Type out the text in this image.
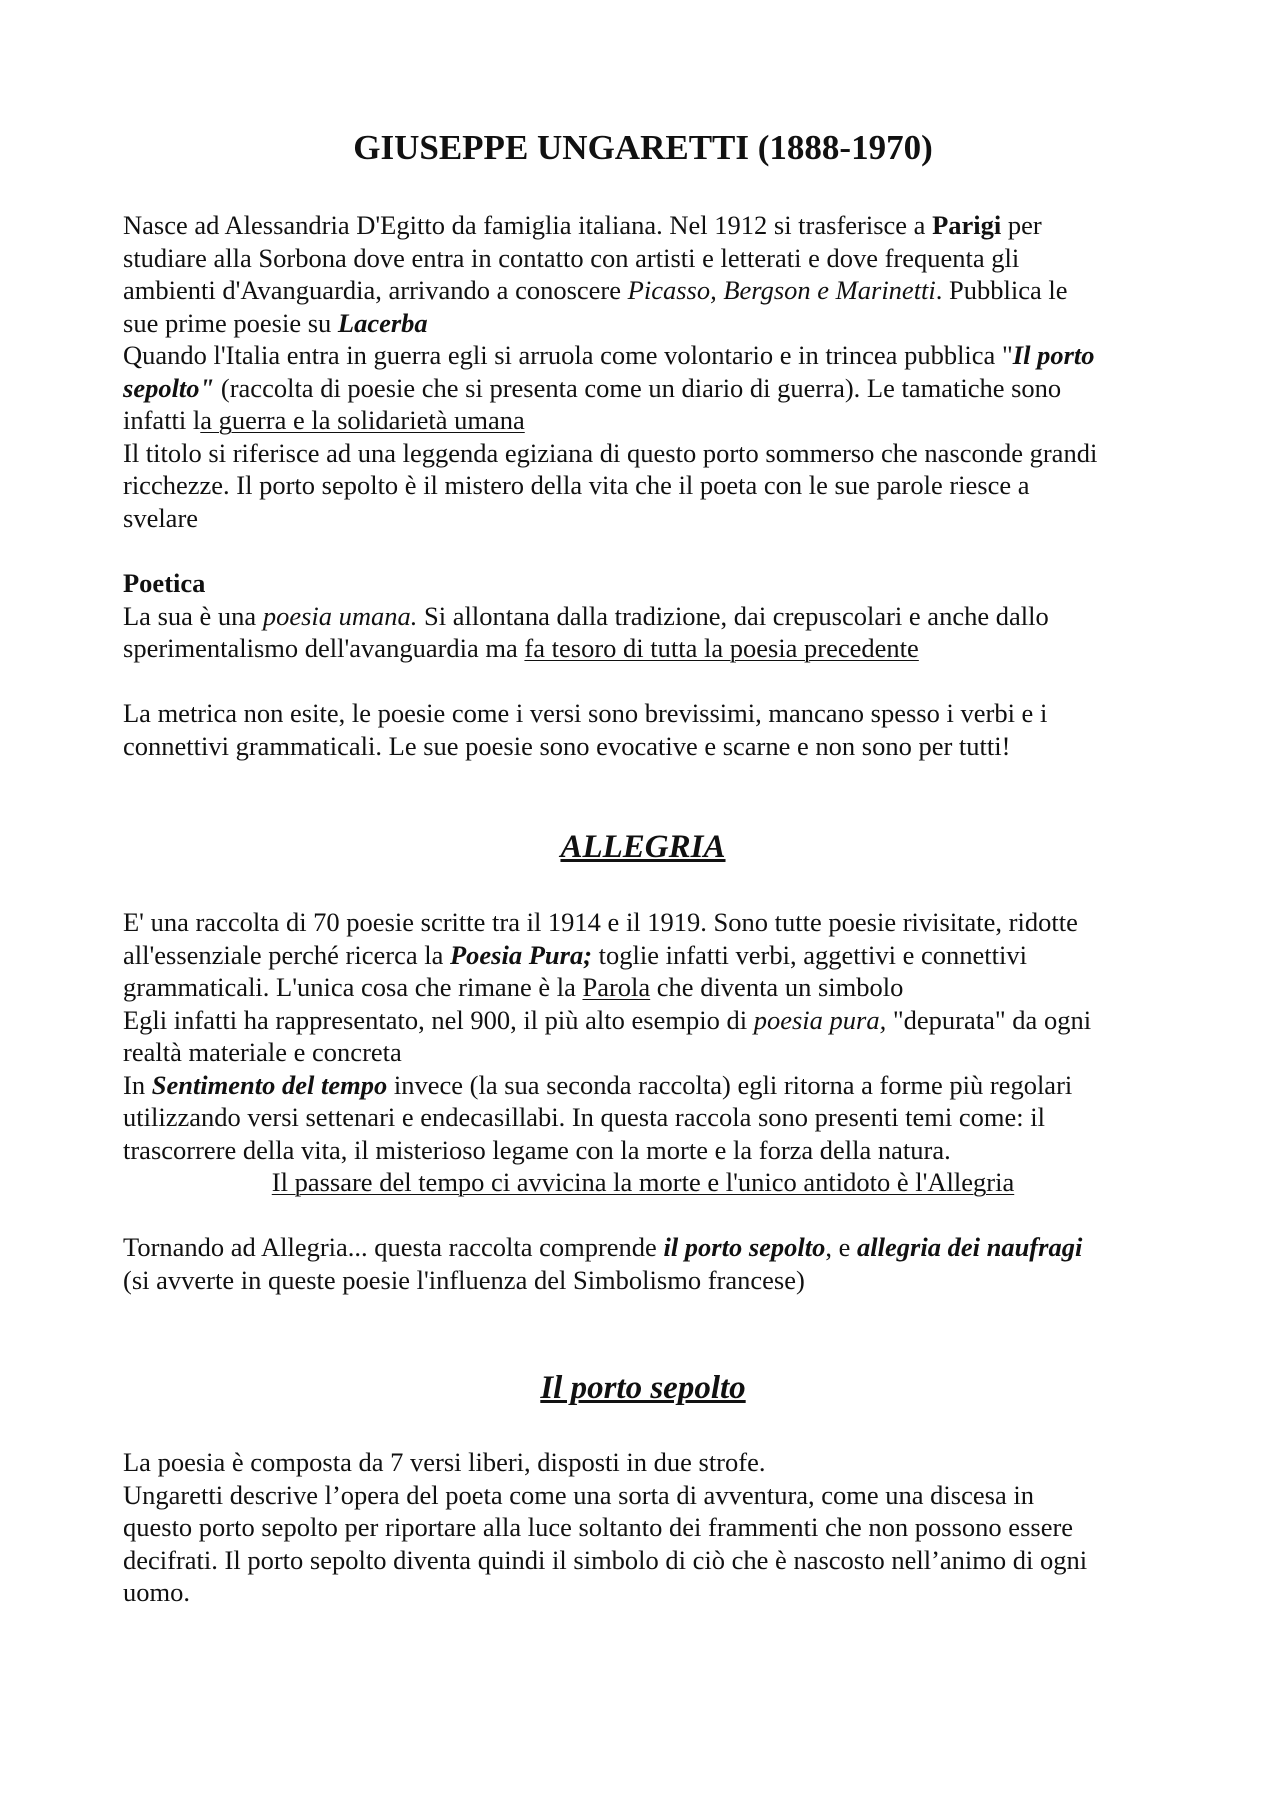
GIUSEPPE UNGARETTI (1888-1970)
Nasce ad Alessandria D'Egitto da famiglia italiana. Nel 1912 si trasferisce a Parigi per
studiare alla Sorbona dove entra in contatto con artisti e letterati e dove frequenta gli
ambienti d'Avanguardia, arrivando a conoscere Picasso, Bergson e Marinetti. Pubblica le
sue prime poesie su Lacerba
Quando l'Italia entra in guerra egli si arruola come volontario e in trincea pubblica "Il porto
sepolto" (raccolta di poesie che si presenta come un diario di guerra). Le tamatiche sono
infatti la guerra e la solidarietà umana
Il titolo si riferisce ad una leggenda egiziana di questo porto sommerso che nasconde grandi
ricchezze. Il porto sepolto è il mistero della vita che il poeta con le sue parole riesce a
svelare
Poetica
La sua è una poesia umana. Si allontana dalla tradizione, dai crepuscolari e anche dallo
sperimentalismo dell'avanguardia ma fa tesoro di tutta la poesia precedente
La metrica non esite, le poesie come i versi sono brevissimi, mancano spesso i verbi e i
connettivi grammaticali. Le sue poesie sono evocative e scarne e non sono per tutti!
ALLEGRIA
E' una raccolta di 70 poesie scritte tra il 1914 e il 1919. Sono tutte poesie rivisitate, ridotte
all'essenziale perché ricerca la Poesia Pura; toglie infatti verbi, aggettivi e connettivi
grammaticali. L'unica cosa che rimane è la Parola che diventa un simbolo
Egli infatti ha rappresentato, nel 900, il più alto esempio di poesia pura, "depurata" da ogni
realtà materiale e concreta
In Sentimento del tempo invece (la sua seconda raccolta) egli ritorna a forme più regolari
utilizzando versi settenari e endecasillabi. In questa raccola sono presenti temi come: il
trascorrere della vita, il misterioso legame con la morte e la forza della natura.
Il passare del tempo ci avvicina la morte e l'unico antidoto è l'Allegria
Tornando ad Allegria... questa raccolta comprende il porto sepolto, e allegria dei naufragi
(si avverte in queste poesie l'influenza del Simbolismo francese)
Il porto sepolto
La poesia è composta da 7 versi liberi, disposti in due strofe.
Ungaretti descrive l’opera del poeta come una sorta di avventura, come una discesa in
questo porto sepolto per riportare alla luce soltanto dei frammenti che non possono essere
decifrati. Il porto sepolto diventa quindi il simbolo di ciò che è nascosto nell’animo di ogni
uomo.
